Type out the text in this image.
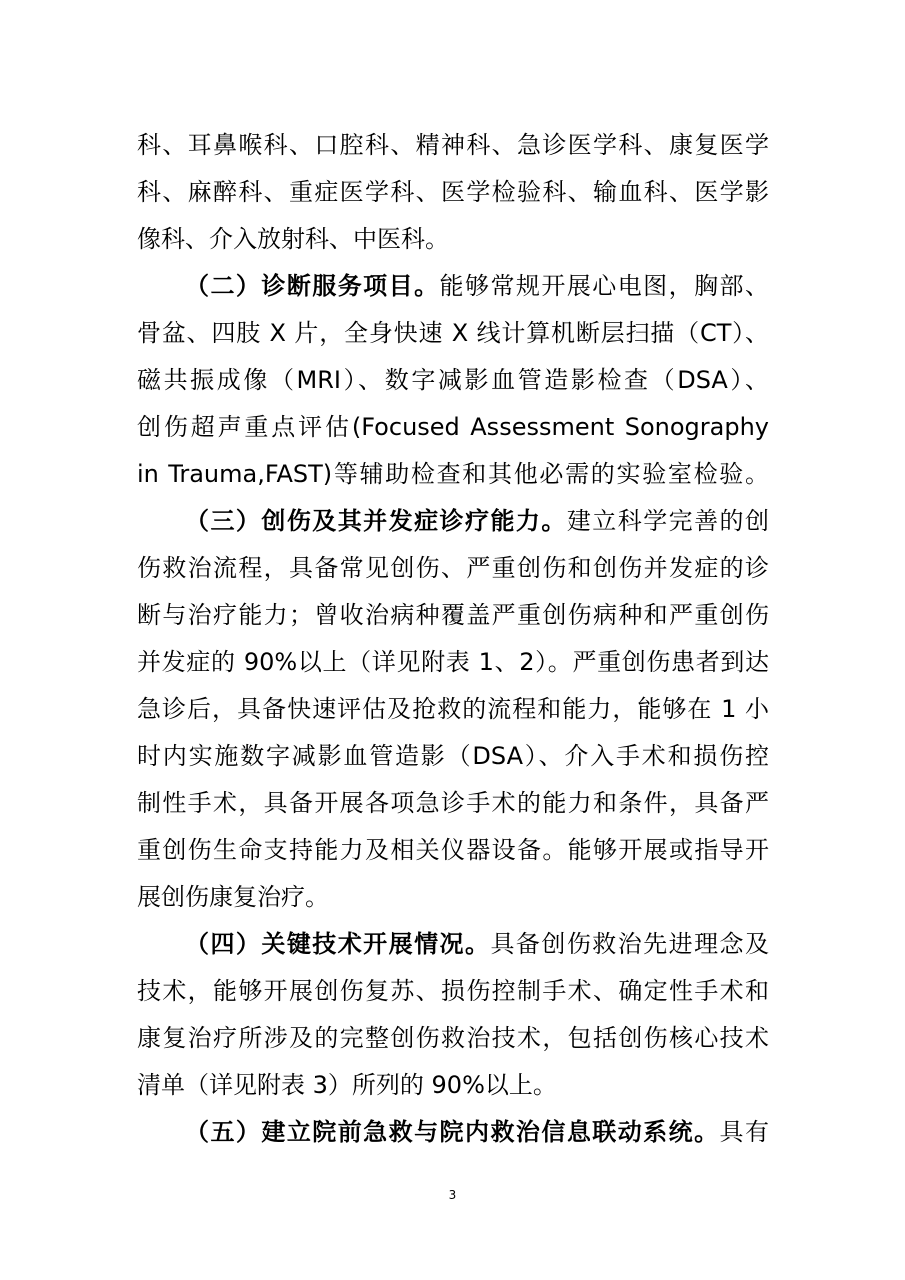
科、耳鼻喉科、口腔科、精神科、急诊医学科、康复医学
科、麻醉科、重症医学科、医学检验科、输血科、医学影
像科、介入放射科、中医科。
（二）诊断服务项目。能够常规开展心电图，胸部、
骨盆、四肢 X 片，全身快速 X 线计算机断层扫描（CT）、
磁共振成像（MRI）、数字减影血管造影检查（DSA）、
创伤超声重点评估(Focused Assessment Sonography
in Trauma,FAST)等辅助检查和其他必需的实验室检验。
（三）创伤及其并发症诊疗能力。建立科学完善的创
伤救治流程，具备常见创伤、严重创伤和创伤并发症的诊
断与治疗能力；曾收治病种覆盖严重创伤病种和严重创伤
并发症的 90%以上（详见附表 1、2）。严重创伤患者到达
急诊后，具备快速评估及抢救的流程和能力，能够在 1 小
时内实施数字减影血管造影（DSA）、介入手术和损伤控
制性手术，具备开展各项急诊手术的能力和条件，具备严
重创伤生命支持能力及相关仪器设备。能够开展或指导开
展创伤康复治疗。
（四）关键技术开展情况。具备创伤救治先进理念及
技术，能够开展创伤复苏、损伤控制手术、确定性手术和
康复治疗所涉及的完整创伤救治技术，包括创伤核心技术
清单（详见附表 3）所列的 90%以上。
（五）建立院前急救与院内救治信息联动系统。具有
3
